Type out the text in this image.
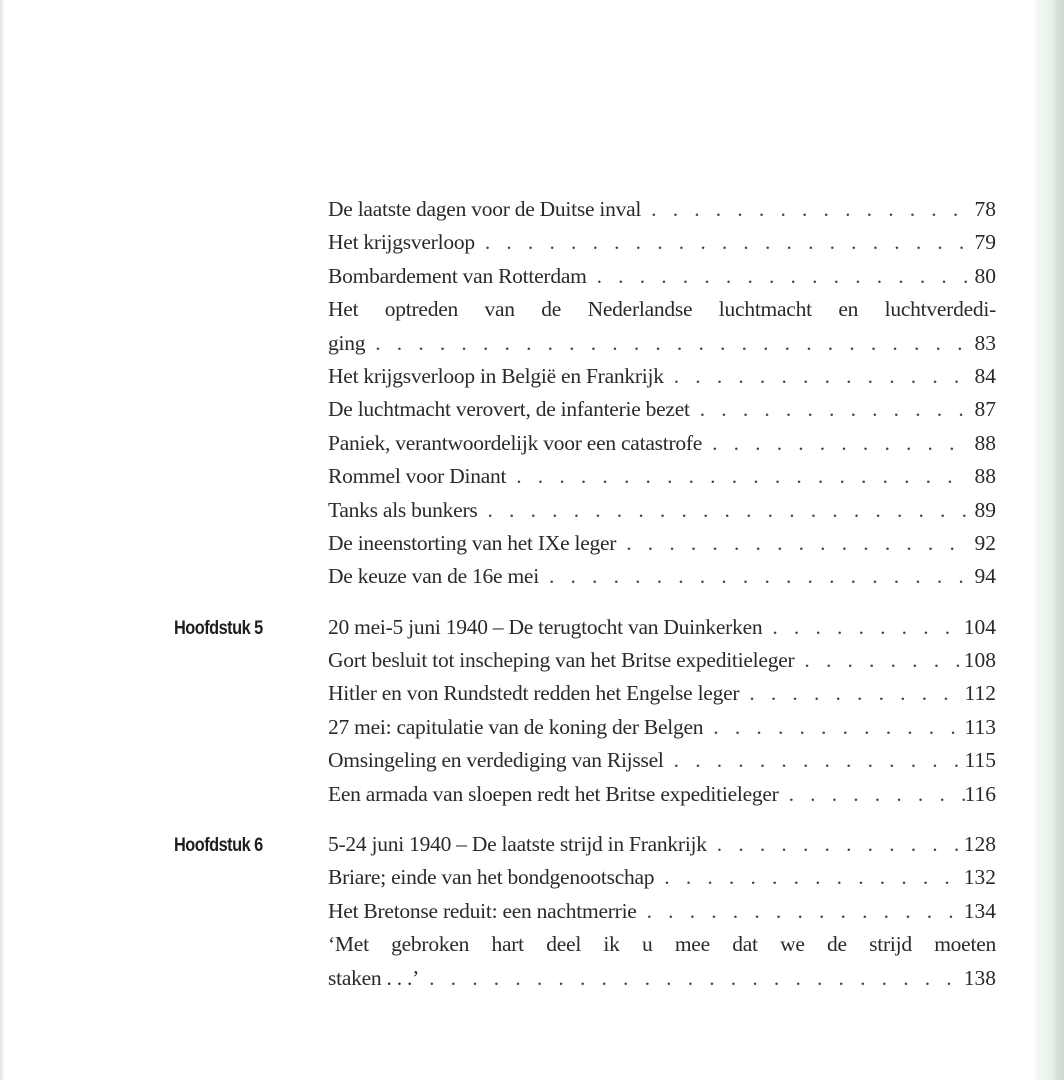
De laatste dagen voor de Duitse inval . . .	78
Het krijgsverloop . . .	79
Bombardement van Rotterdam . . .	80
Het optreden van de Nederlandse luchtmacht en luchtverdedi-
ging . . .	83
Het krijgsverloop in België en Frankrijk . . .	84
De luchtmacht verovert, de infanterie bezet . . .	87
Paniek, verantwoordelijk voor een catastrofe . . .	88
Rommel voor Dinant . . .	88
Tanks als bunkers . . .	89
De ineenstorting van het IXe leger . . .	92
De keuze van de 16e mei . . .	94
Hoofdstuk 5	20 mei-5 juni 1940 – De terugtocht van Duinkerken . . .	104
Gort besluit tot inscheping van het Britse expeditieleger . . .	108
Hitler en von Rundstedt redden het Engelse leger . . .	112
27 mei: capitulatie van de koning der Belgen . . .	113
Omsingeling en verdediging van Rijssel . . .	115
Een armada van sloepen redt het Britse expeditieleger . . .	116
Hoofdstuk 6	5-24 juni 1940 – De laatste strijd in Frankrijk . . .	128
Briare; einde van het bondgenootschap . . .	132
Het Bretonse reduit: een nachtmerrie . . .	134
‘Met gebroken hart deel ik u mee dat we de strijd moeten
staken . . .’ . . .	138
